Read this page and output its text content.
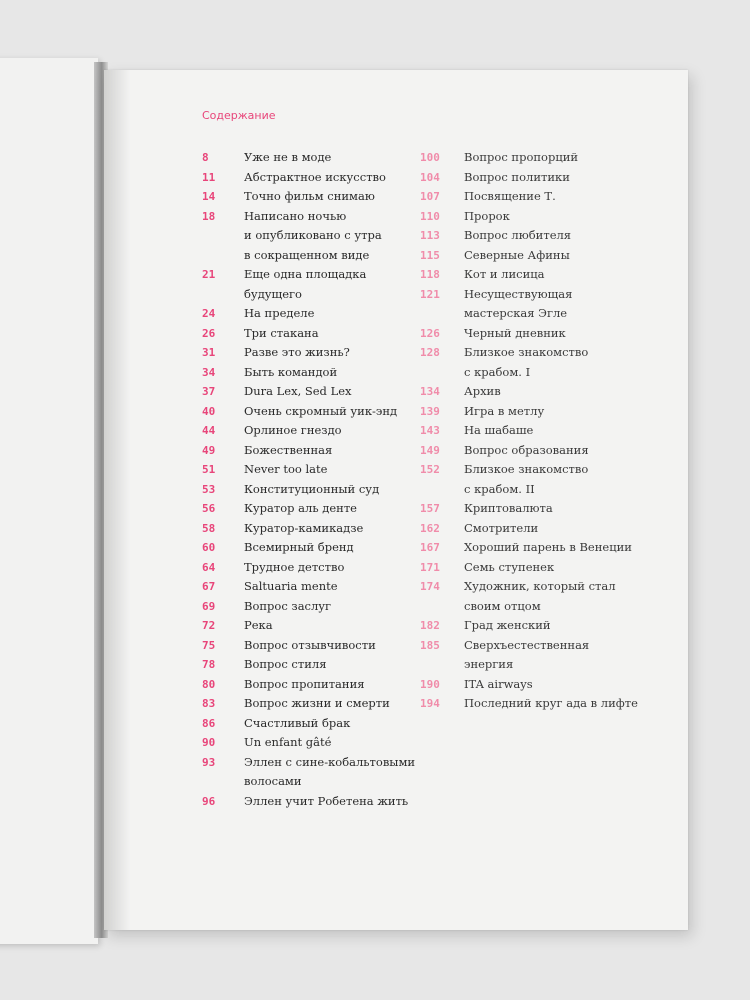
Содержание
8	Уже не в моде
11	Абстрактное искусство
14	Точно фильм снимаю
18	Написано ночью
и опубликовано с утра
в сокращенном виде
21	Еще одна площадка
будущего
24	На пределе
26	Три стакана
31	Разве это жизнь?
34	Быть командой
37	Dura Lex, Sed Lex
40	Очень скромный уик-энд
44	Орлиное гнездо
49	Божественная
51	Never too late
53	Конституционный суд
56	Куратор аль денте
58	Куратор-камикадзе
60	Всемирный бренд
64	Трудное детство
67	Saltuaria mente
69	Вопрос заслуг
72	Река
75	Вопрос отзывчивости
78	Вопрос стиля
80	Вопрос пропитания
83	Вопрос жизни и смерти
86	Счастливый брак
90	Un enfant gâté
93	Эллен с сине-кобальтовыми
волосами
96	Эллен учит Робетена жить
100	Вопрос пропорций
104	Вопрос политики
107	Посвящение Т.
110	Пророк
113	Вопрос любителя
115	Северные Афины
118	Кот и лисица
121	Несуществующая
мастерская Эгле
126	Черный дневник
128	Близкое знакомство
с крабом. I
134	Архив
139	Игра в метлу
143	На шабаше
149	Вопрос образования
152	Близкое знакомство
с крабом. II
157	Криптовалюта
162	Смотрители
167	Хороший парень в Венеции
171	Семь ступенек
174	Художник, который стал
своим отцом
182	Град женский
185	Сверхъестественная
энергия
190	ITA airways
194	Последний круг ада в лифте
